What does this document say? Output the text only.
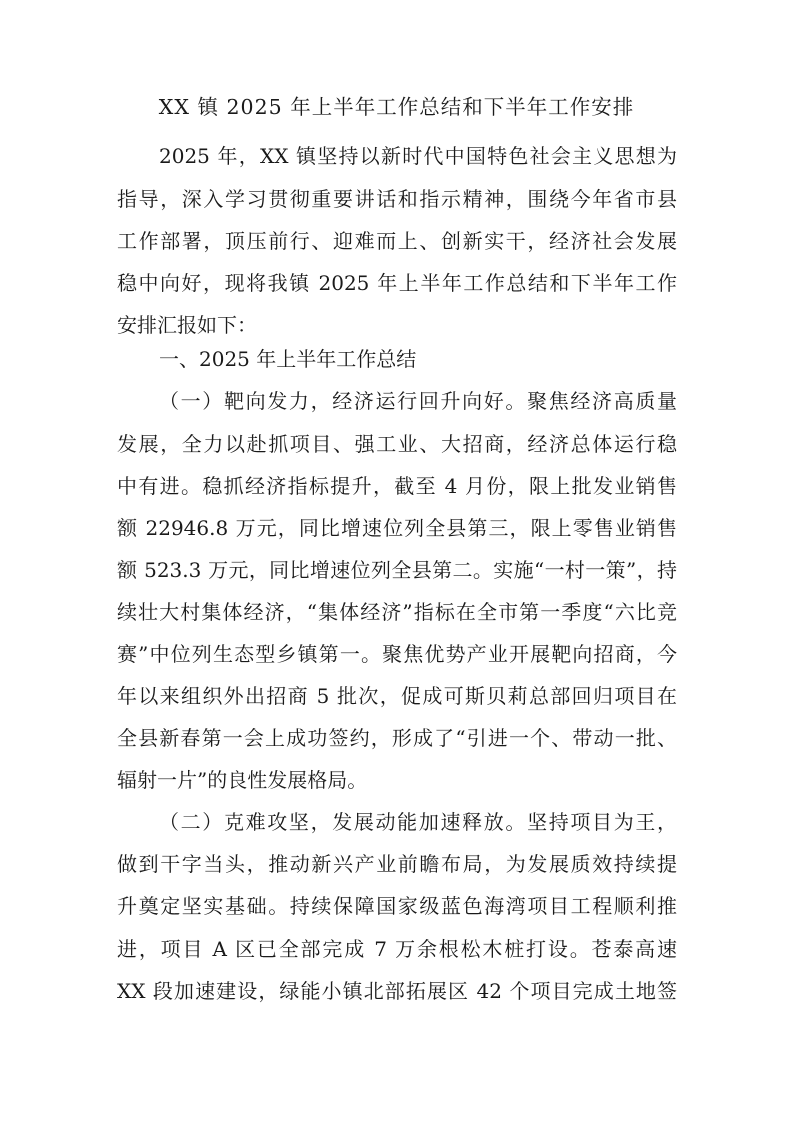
XX 镇 2025 年上半年工作总结和下半年工作安排
2025 年，XX 镇坚持以新时代中国特色社会主义思想为
指导，深入学习贯彻重要讲话和指示精神，围绕今年省市县
工作部署，顶压前行、迎难而上、创新实干，经济社会发展
稳中向好，现将我镇 2025 年上半年工作总结和下半年工作
安排汇报如下：
一、2025 年上半年工作总结
（一）靶向发力，经济运行回升向好。聚焦经济高质量
发展，全力以赴抓项目、强工业、大招商，经济总体运行稳
中有进。稳抓经济指标提升，截至 4 月份，限上批发业销售
额 22946.8 万元，同比增速位列全县第三，限上零售业销售
额 523.3 万元，同比增速位列全县第二。实施“一村一策”，持
续壮大村集体经济，“集体经济”指标在全市第一季度“六比竞
赛”中位列生态型乡镇第一。聚焦优势产业开展靶向招商，今
年以来组织外出招商 5 批次，促成可斯贝莉总部回归项目在
全县新春第一会上成功签约，形成了“引进一个、带动一批、
辐射一片”的良性发展格局。
（二）克难攻坚，发展动能加速释放。坚持项目为王，
做到干字当头，推动新兴产业前瞻布局，为发展质效持续提
升奠定坚实基础。持续保障国家级蓝色海湾项目工程顺利推
进，项目 A 区已全部完成 7 万余根松木桩打设。苍泰高速
XX 段加速建设，绿能小镇北部拓展区 42 个项目完成土地签
